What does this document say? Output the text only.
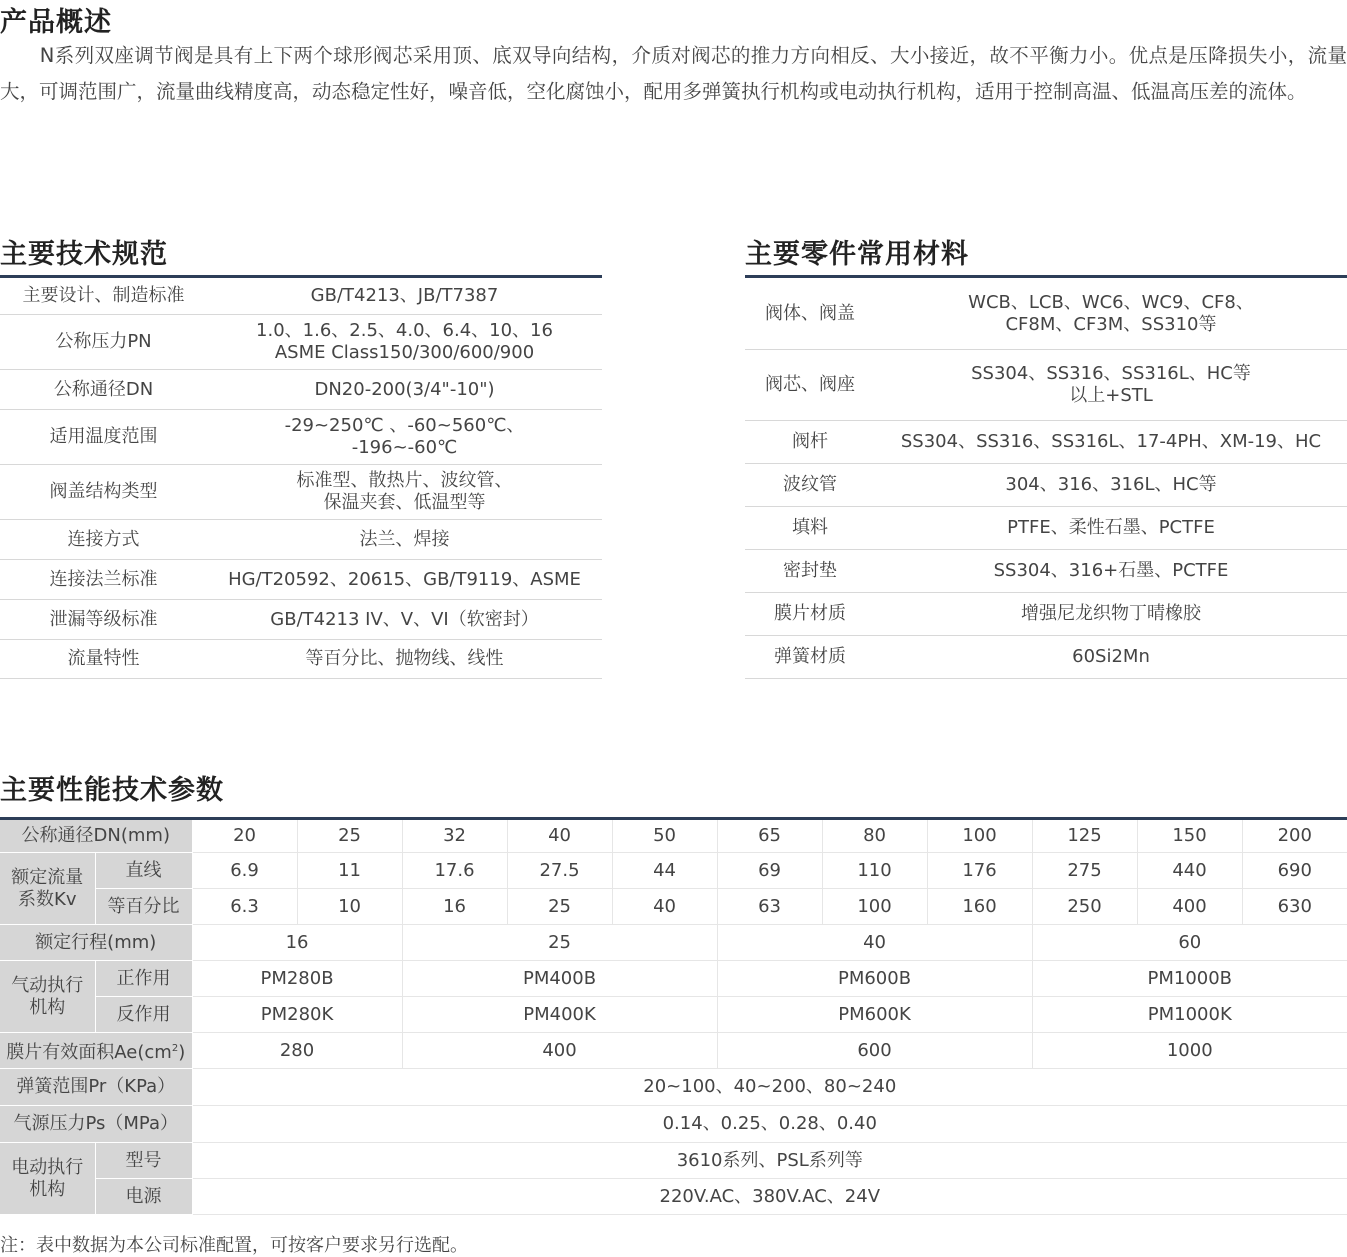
产品概述
　　N系列双座调节阀是具有上下两个球形阀芯采用顶、底双导向结构，介质对阀芯的推力方向相反、大小接近，故不平衡力小。优点是压降损失小，流量大，可调范围广，流量曲线精度高，动态稳定性好，噪音低，空化腐蚀小，配用多弹簧执行机构或电动执行机构，适用于控制高温、低温高压差的流体。
主要技术规范
主要设计、制造标准	GB/T4213、JB/T7387
公称压力PN	1.0、1.6、2.5、4.0、6.4、10、16
ASME Class150/300/600/900
公称通径DN	DN20-200(3/4"-10")
适用温度范围	-29~250℃ 、-60~560℃、
-196~-60℃
阀盖结构类型	标准型、散热片、波纹管、
保温夹套、低温型等
连接方式	法兰、焊接
连接法兰标准	HG/T20592、20615、GB/T9119、ASME
泄漏等级标准	GB/T4213 IV、V、VI（软密封）
流量特性	等百分比、抛物线、线性
主要零件常用材料
阀体、阀盖	WCB、LCB、WC6、WC9、CF8、
CF8M、CF3M、SS310等
阀芯、阀座	SS304、SS316、SS316L、HC等
以上+STL
阀杆	SS304、SS316、SS316L、17-4PH、XM-19、HC
波纹管	304、316、316L、HC等
填料	PTFE、柔性石墨、PCTFE
密封垫	SS304、316+石墨、PCTFE
膜片材质	增强尼龙织物丁晴橡胶
弹簧材质	60Si2Mn
主要性能技术参数
公称通径DN(mm)		20	25	32	40	50	65	80	100	125	150	200
额定流量
系数Kv	直线	6.9	11	17.6	27.5	44	69	110	176	275	440	690
	等百分比	6.3	10	16	25	40	63	100	160	250	400	630
额定行程(mm)		16		25			40			60		
气动执行
机构	正作用	PM280B		PM400B			PM600B			PM1000B		
	反作用	PM280K		PM400K			PM600K			PM1000K		
膜片有效面积$Ae(cm^2)$		280		400			600			1000		
弹簧范围Pr（KPa）		20~100、40~200、80~240										
气源压力Ps（MPa）		0.14、0.25、0.28、0.40										
电动执行
机构	型号	3610系列、PSL系列等										
	电源	220V.AC、380V.AC、24V										
注：表中数据为本公司标准配置，可按客户要求另行选配。
